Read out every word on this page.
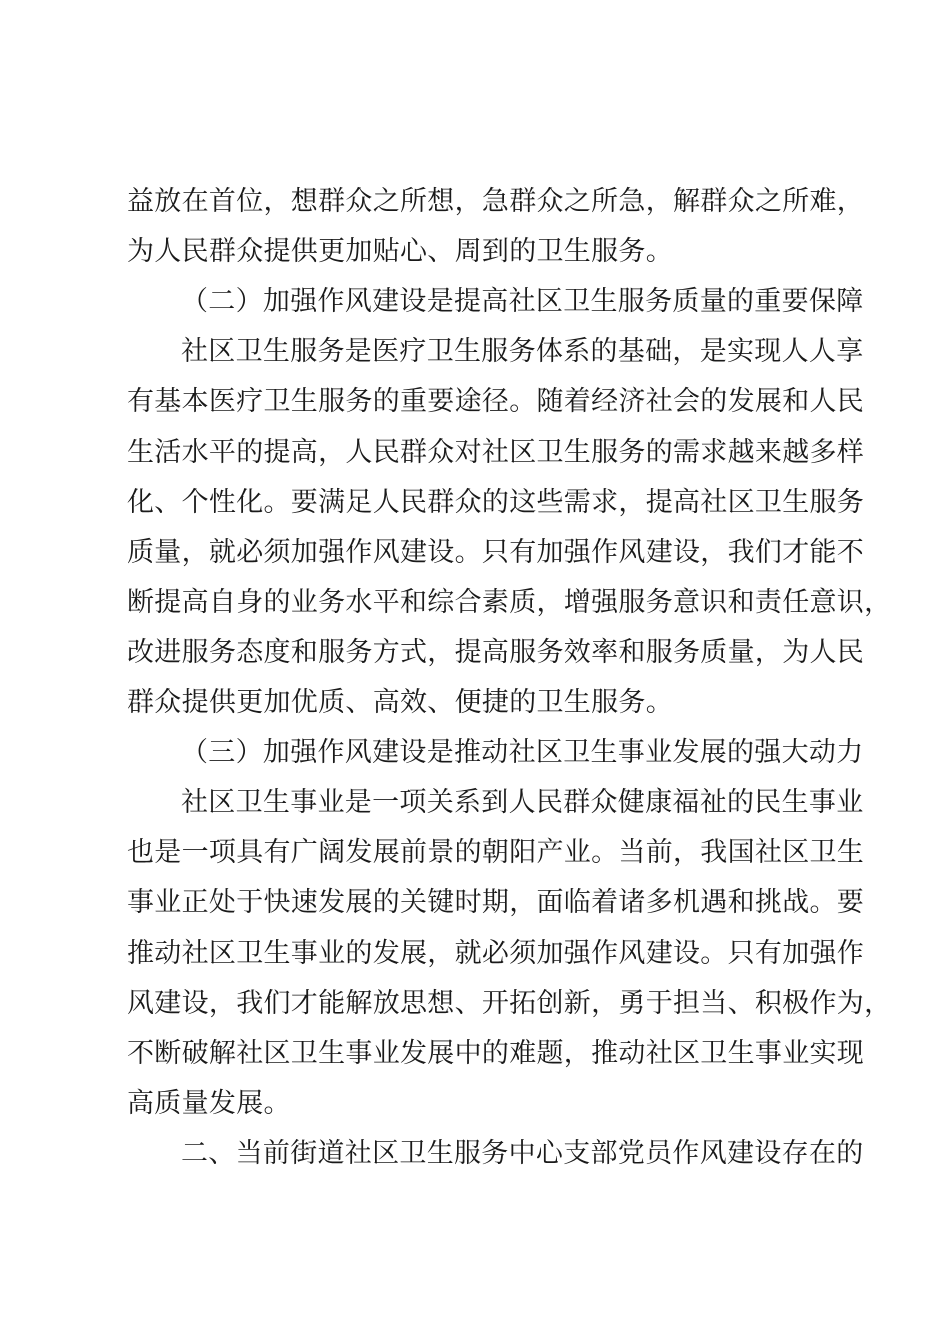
益放在首位，想群众之所想，急群众之所急，解群众之所难，
为人民群众提供更加贴心、周到的卫生服务。
（二）加强作风建设是提高社区卫生服务质量的重要保障
社区卫生服务是医疗卫生服务体系的基础，是实现人人享
有基本医疗卫生服务的重要途径。随着经济社会的发展和人民
生活水平的提高，人民群众对社区卫生服务的需求越来越多样
化、个性化。要满足人民群众的这些需求，提高社区卫生服务
质量，就必须加强作风建设。只有加强作风建设，我们才能不
断提高自身的业务水平和综合素质，增强服务意识和责任意识，
改进服务态度和服务方式，提高服务效率和服务质量，为人民
群众提供更加优质、高效、便捷的卫生服务。
（三）加强作风建设是推动社区卫生事业发展的强大动力
社区卫生事业是一项关系到人民群众健康福祉的民生事业
也是一项具有广阔发展前景的朝阳产业。当前，我国社区卫生
事业正处于快速发展的关键时期，面临着诸多机遇和挑战。要
推动社区卫生事业的发展，就必须加强作风建设。只有加强作
风建设，我们才能解放思想、开拓创新，勇于担当、积极作为，
不断破解社区卫生事业发展中的难题，推动社区卫生事业实现
高质量发展。
二、当前街道社区卫生服务中心支部党员作风建设存在的
